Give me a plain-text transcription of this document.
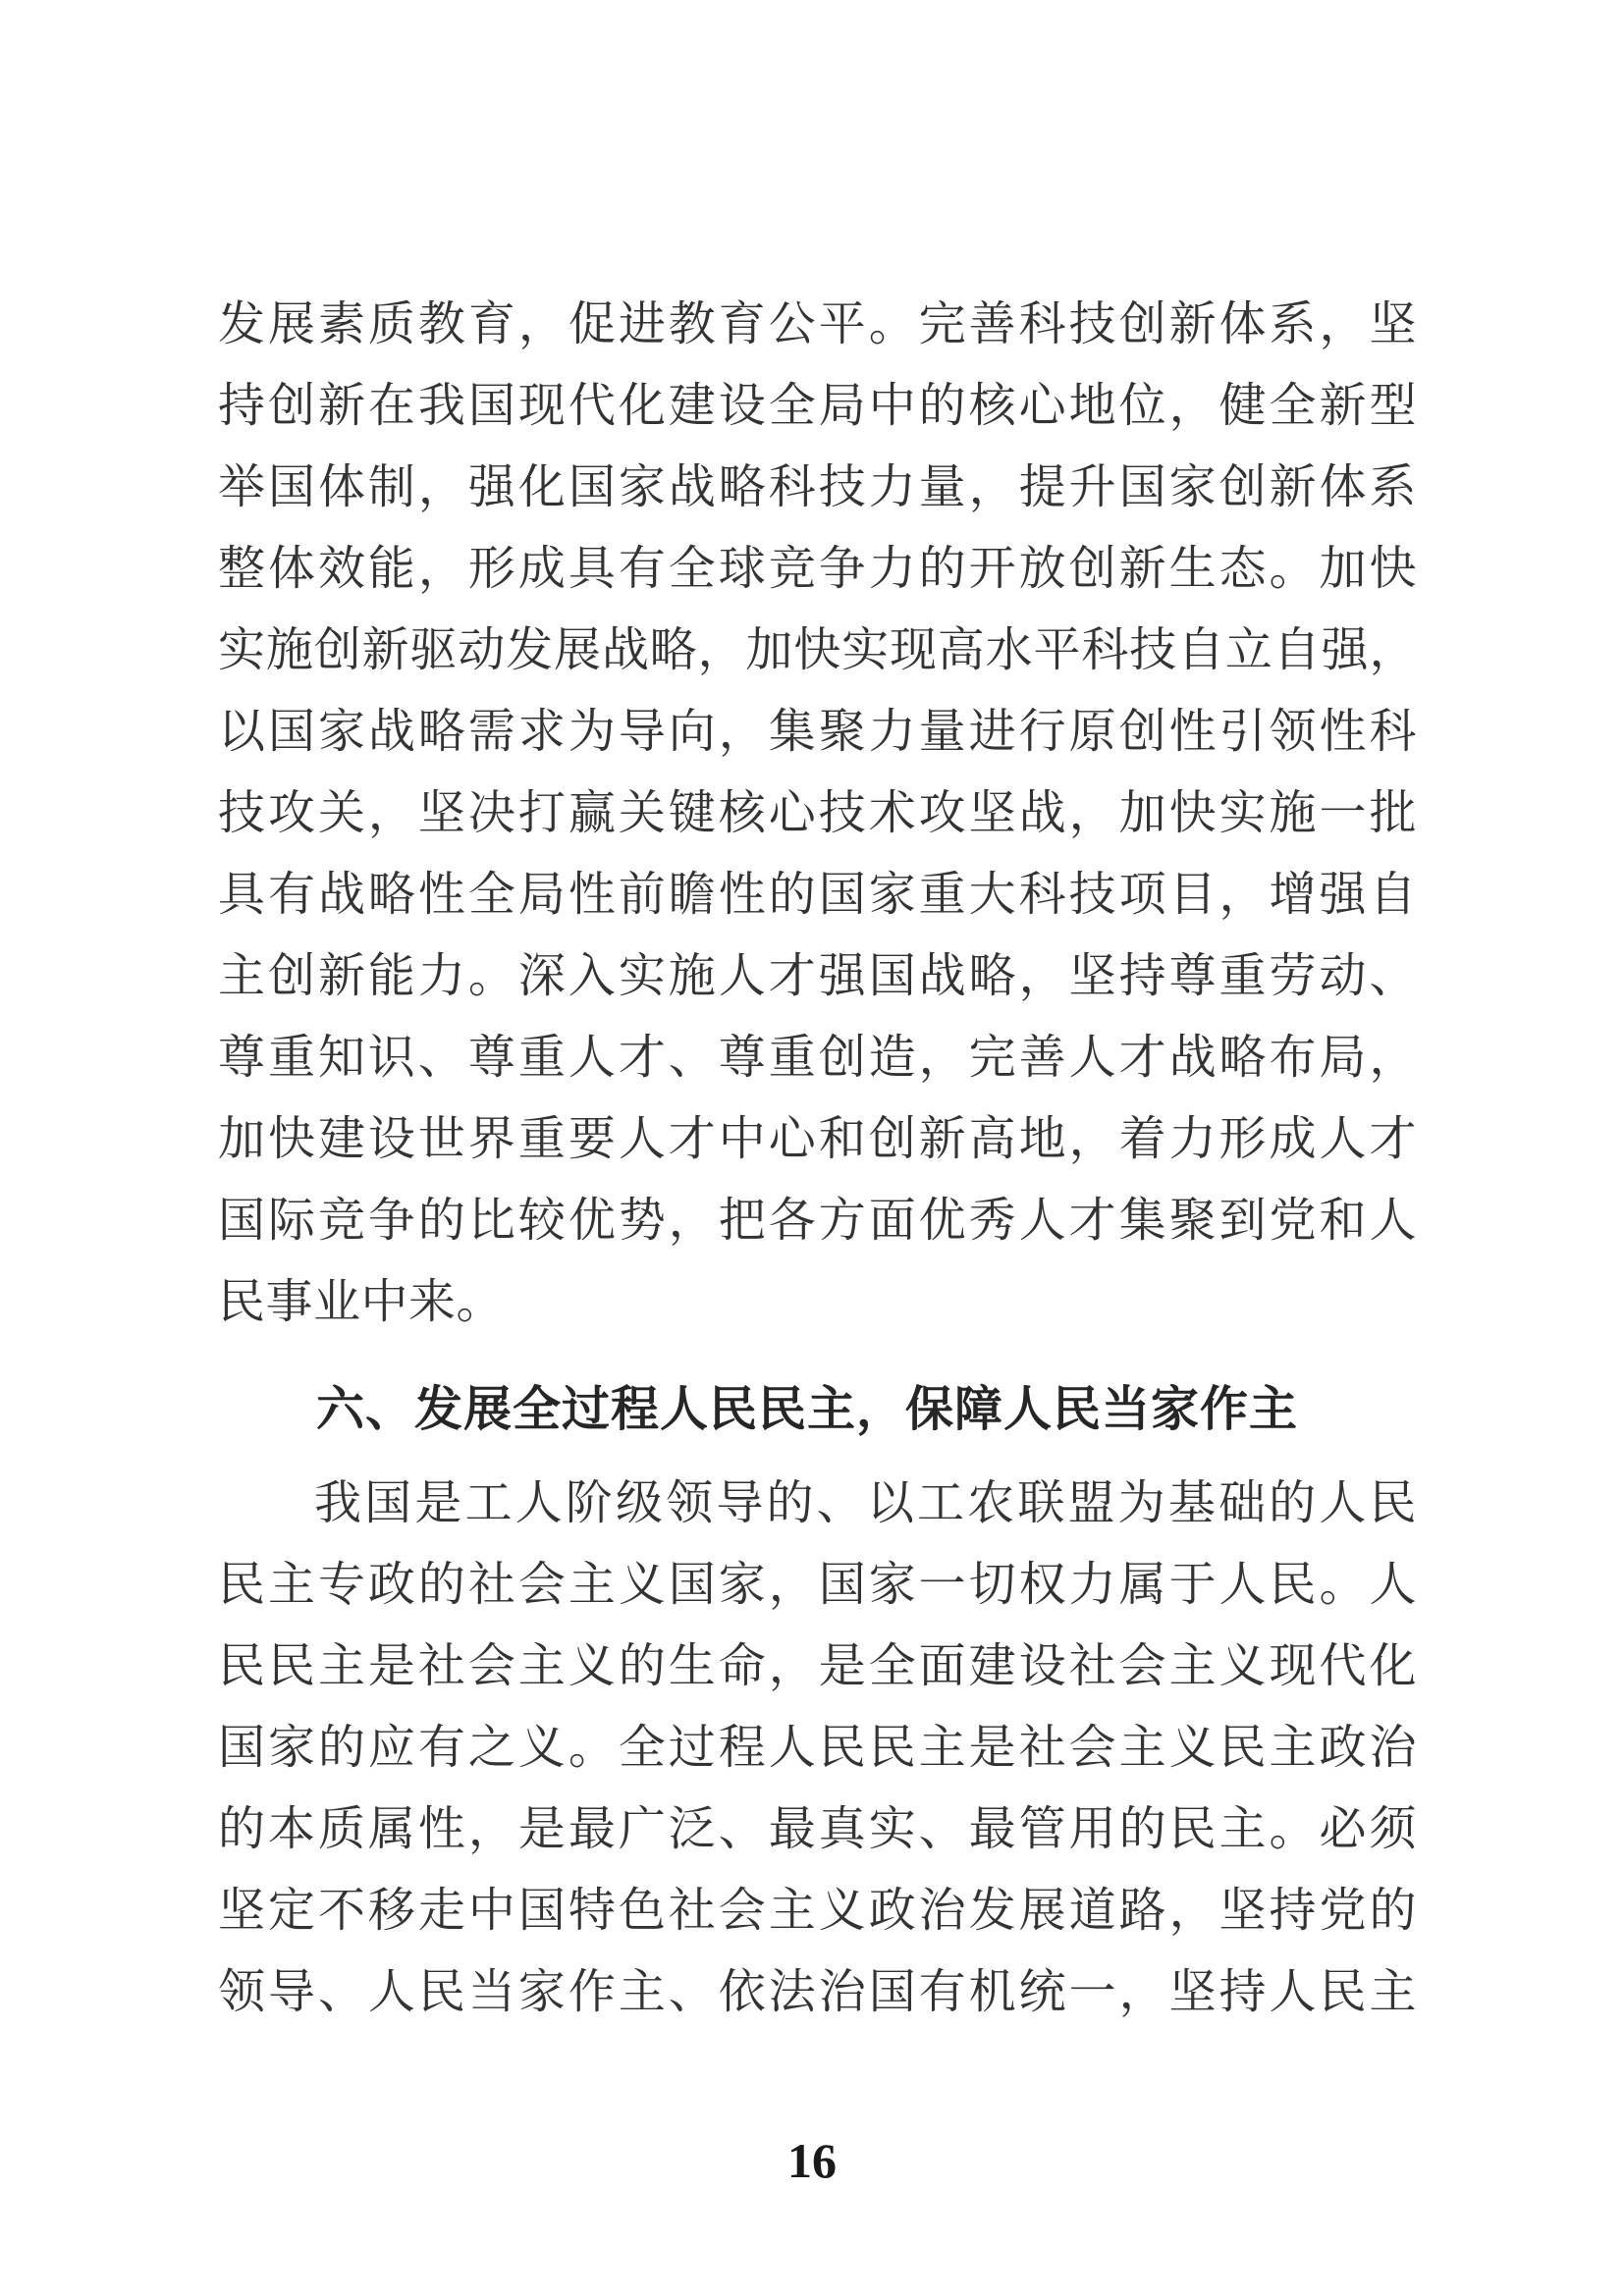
发展素质教育，促进教育公平。完善科技创新体系，坚
持创新在我国现代化建设全局中的核心地位，健全新型
举国体制，强化国家战略科技力量，提升国家创新体系
整体效能，形成具有全球竞争力的开放创新生态。加快
实施创新驱动发展战略，加快实现高水平科技自立自强，
以国家战略需求为导向，集聚力量进行原创性引领性科
技攻关，坚决打赢关键核心技术攻坚战，加快实施一批
具有战略性全局性前瞻性的国家重大科技项目，增强自
主创新能力。深入实施人才强国战略，坚持尊重劳动、
尊重知识、尊重人才、尊重创造，完善人才战略布局，
加快建设世界重要人才中心和创新高地，着力形成人才
国际竞争的比较优势，把各方面优秀人才集聚到党和人
民事业中来。
六、发展全过程人民民主，保障人民当家作主
我国是工人阶级领导的、以工农联盟为基础的人民
民主专政的社会主义国家，国家一切权力属于人民。人
民民主是社会主义的生命，是全面建设社会主义现代化
国家的应有之义。全过程人民民主是社会主义民主政治
的本质属性，是最广泛、最真实、最管用的民主。必须
坚定不移走中国特色社会主义政治发展道路，坚持党的
领导、人民当家作主、依法治国有机统一，坚持人民主
16
